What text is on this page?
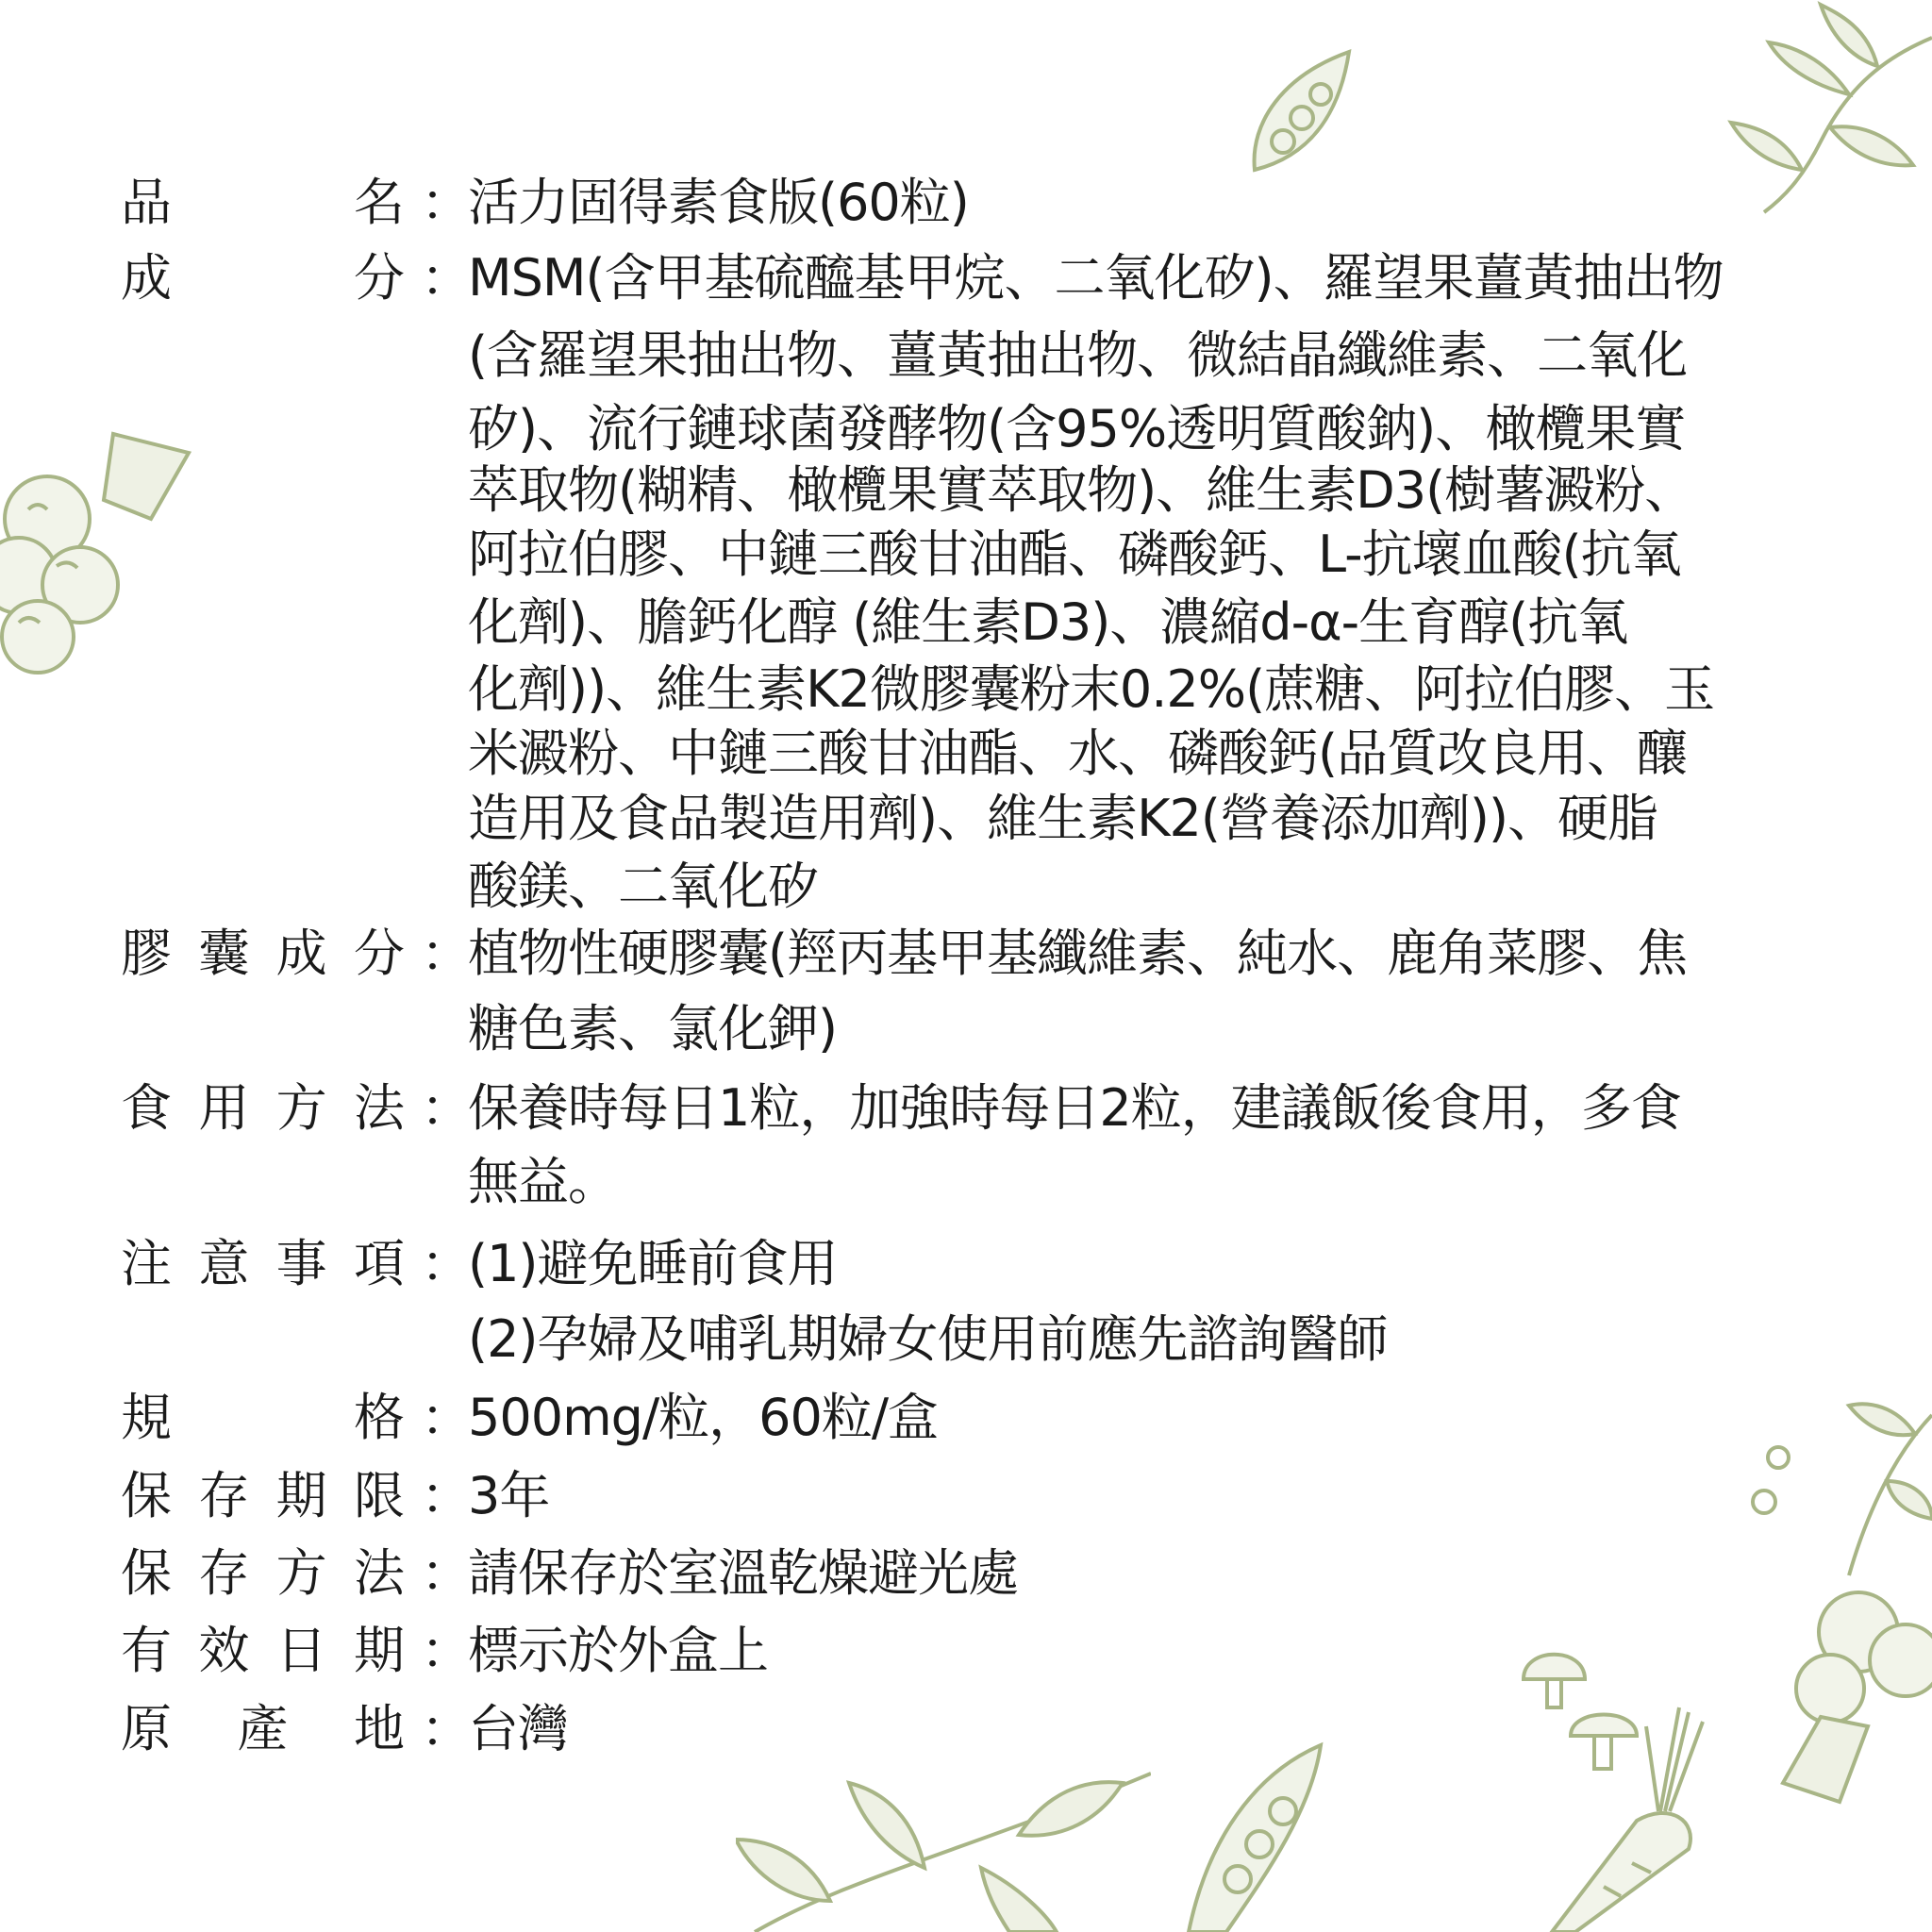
品	名 ：
活力固得素食版(60粒)
成	分 ：
MSM(含甲基硫醯基甲烷、二氧化矽)、羅望果薑黃抽出物
(含羅望果抽出物、薑黃抽出物、微結晶纖維素、二氧化
矽)、流行鏈球菌發酵物(含95%透明質酸鈉)、橄欖果實
萃取物(糊精、橄欖果實萃取物)、維生素D3(樹薯澱粉、
阿拉伯膠、中鏈三酸甘油酯、磷酸鈣、L-抗壞血酸(抗氧
化劑)、膽鈣化醇 (維生素D3)、濃縮d-α-生育醇(抗氧
化劑))、維生素K2微膠囊粉末0.2%(蔗糖、阿拉伯膠、玉
米澱粉、中鏈三酸甘油酯、水、磷酸鈣(品質改良用、釀
造用及食品製造用劑)、維生素K2(營養添加劑))、硬脂
酸鎂、二氧化矽
膠 囊 成 分 ：
植物性硬膠囊(羥丙基甲基纖維素、純水、鹿角菜膠、焦
糖色素、氯化鉀)
食 用 方 法 ：
保養時每日1粒，加強時每日2粒，建議飯後食用，多食
無益。
注 意 事 項 ：
(1)避免睡前食用
(2)孕婦及哺乳期婦女使用前應先諮詢醫師
規	格 ：
500mg/粒，60粒/盒
保 存 期 限 ：
3年
保 存 方 法 ：
請保存於室溫乾燥避光處
有 效 日 期 ：
標示於外盒上
原 產 地 ：
台灣
